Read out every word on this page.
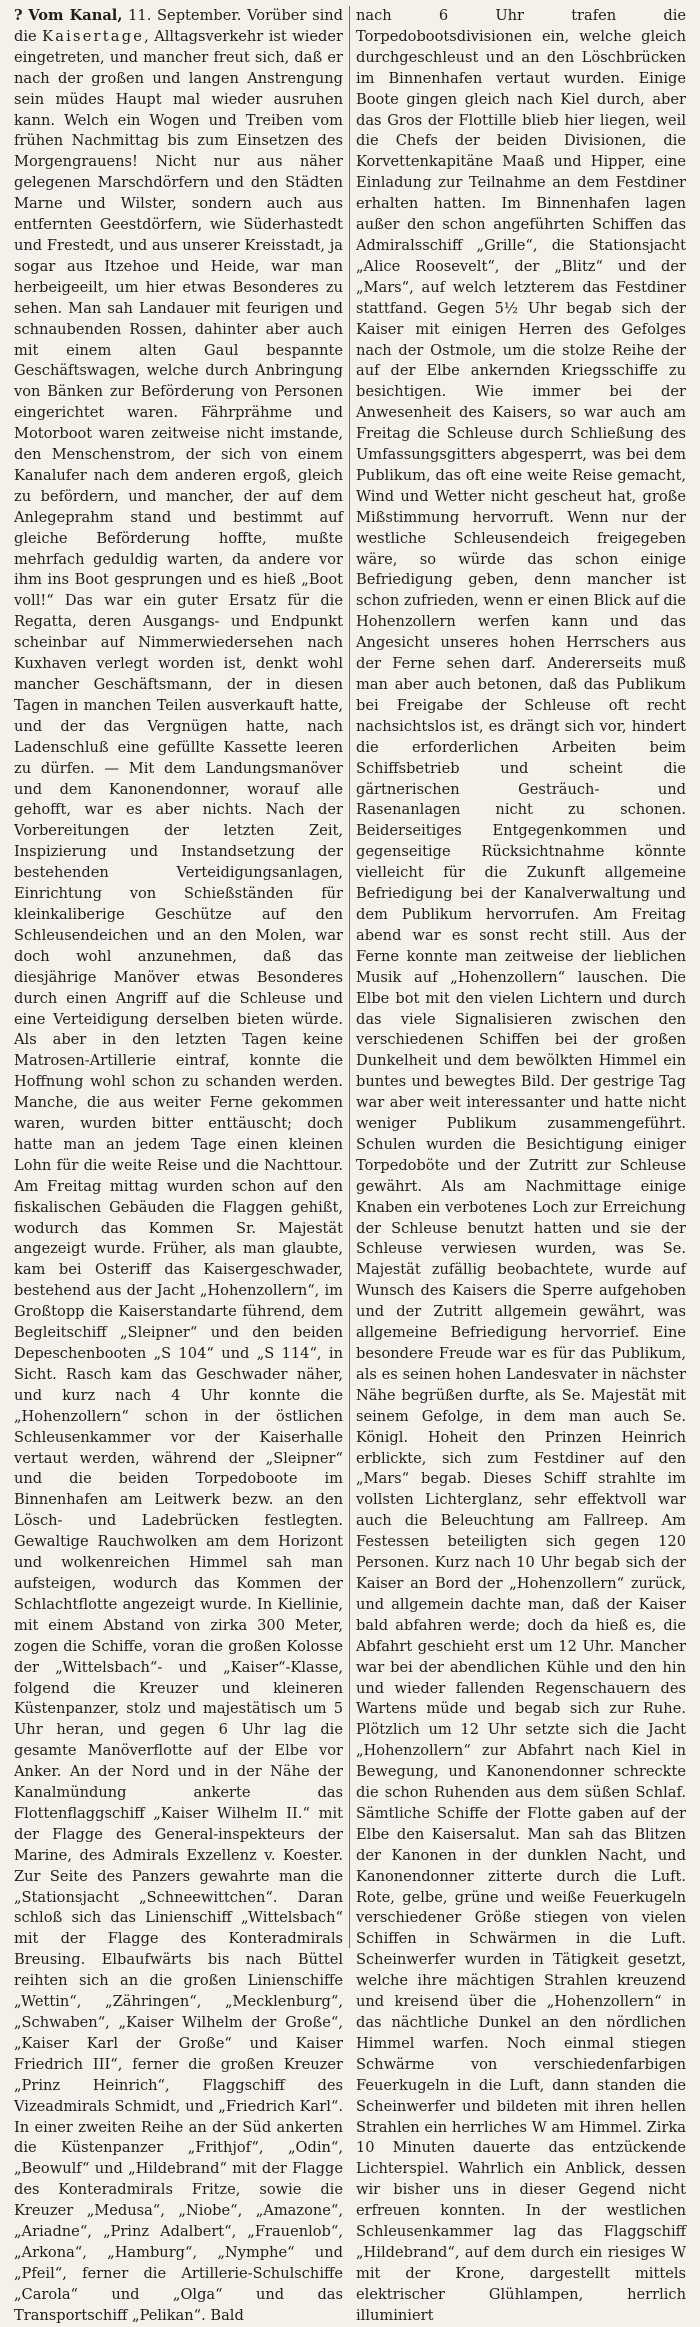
? Vom Kanal, 11. September. Vorüber sind die Kaisertage, Alltagsverkehr ist wieder eingetreten, und mancher freut sich, daß er nach der großen und langen Anstrengung sein müdes Haupt mal wieder ausruhen kann. Welch ein Wogen und Treiben vom frühen Nachmittag bis zum Einsetzen des Morgengrauens! Nicht nur aus näher gelegenen Marschdörfern und den Städten Marne und Wilster, sondern auch aus entfernten Geestdörfern, wie Süderhastedt und Frestedt, und aus unserer Kreisstadt, ja sogar aus Itzehoe und Heide, war man herbeigeeilt, um hier etwas Besonderes zu sehen. Man sah Landauer mit feurigen und schnaubenden Rossen, dahinter aber auch mit einem alten Gaul bespannte Geschäftswagen, welche durch Anbringung von Bänken zur Beförderung von Personen eingerichtet waren. Fährprähme und Motorboot waren zeitweise nicht imstande, den Menschenstrom, der sich von einem Kanalufer nach dem anderen ergoß, gleich zu befördern, und mancher, der auf dem Anlegeprahm stand und bestimmt auf gleiche Beförderung hoffte, mußte mehrfach geduldig warten, da andere vor ihm ins Boot gesprungen und es hieß „Boot voll!“ Das war ein guter Ersatz für die Regatta, deren Ausgangs- und Endpunkt scheinbar auf Nimmerwiedersehen nach Kuxhaven verlegt worden ist, denkt wohl mancher Geschäftsmann, der in diesen Tagen in manchen Teilen ausverkauft hatte, und der das Vergnügen hatte, nach Ladenschluß eine gefüllte Kassette leeren zu dürfen. — Mit dem Landungsmanöver und dem Kanonendonner, worauf alle gehofft, war es aber nichts. Nach der Vorbereitungen der letzten Zeit, Inspizierung und Instandsetzung der bestehenden Verteidigungsanlagen, Einrichtung von Schießständen für kleinkaliberige Geschütze auf den Schleusendeichen und an den Molen, war doch wohl anzunehmen, daß das diesjährige Manöver etwas Besonderes durch einen Angriff auf die Schleuse und eine Verteidigung derselben bieten würde. Als aber in den letzten Tagen keine Matrosen-Artillerie eintraf, konnte die Hoffnung wohl schon zu schanden werden. Manche, die aus weiter Ferne gekommen waren, wurden bitter enttäuscht; doch hatte man an jedem Tage einen kleinen Lohn für die weite Reise und die Nachttour. Am Freitag mittag wurden schon auf den fiskalischen Gebäuden die Flaggen gehißt, wodurch das Kommen Sr. Majestät angezeigt wurde. Früher, als man glaubte, kam bei Osteriff das Kaisergeschwader, bestehend aus der Jacht „Hohenzollern“, im Großtopp die Kaiserstandarte führend, dem Begleitschiff „Sleipner“ und den beiden Depeschenbooten „S 104“ und „S 114“, in Sicht. Rasch kam das Geschwader näher, und kurz nach 4 Uhr konnte die „Hohenzollern“ schon in der östlichen Schleusenkammer vor der Kaiserhalle vertaut werden, während der „Sleipner“ und die beiden Torpedoboote im Binnenhafen am Leitwerk bezw. an den Lösch- und Ladebrücken festlegten. Gewaltige Rauchwolken am dem Horizont und wolkenreichen Himmel sah man aufsteigen, wodurch das Kommen der Schlachtflotte angezeigt wurde. In Kiellinie, mit einem Abstand von zirka 300 Meter, zogen die Schiffe, voran die großen Kolosse der „Wittelsbach“- und „Kaiser“-Klasse, folgend die Kreuzer und kleineren Küstenpanzer, stolz und majestätisch um 5 Uhr heran, und gegen 6 Uhr lag die gesamte Manöverflotte auf der Elbe vor Anker. An der Nord und in der Nähe der Kanalmündung ankerte das Flottenflaggschiff „Kaiser Wilhelm II.“ mit der Flagge des General-inspekteurs der Marine, des Admirals Exzellenz v. Koester. Zur Seite des Panzers gewahrte man die „Stationsjacht „Schneewittchen“. Daran schloß sich das Linienschiff „Wittelsbach“ mit der Flagge des Konteradmirals Breusing. Elbaufwärts bis nach Büttel reihten sich an die großen Linienschiffe „Wettin“, „Zähringen“, „Mecklenburg“, „Schwaben“, „Kaiser Wilhelm der Große“, „Kaiser Karl der Große“ und Kaiser Friedrich III“, ferner die großen Kreuzer „Prinz Heinrich“, Flaggschiff des Vizeadmirals Schmidt, und „Friedrich Karl“. In einer zweiten Reihe an der Süd ankerten die Küstenpanzer „Frithjof“, „Odin“, „Beowulf“ und „Hildebrand“ mit der Flagge des Konteradmirals Fritze, sowie die Kreuzer „Medusa“, „Niobe“, „Amazone“, „Ariadne“, „Prinz Adalbert“, „Frauenlob“, „Arkona“, „Hamburg“, „Nymphe“ und „Pfeil“, ferner die Artillerie-Schulschiffe „Carola“ und „Olga“ und das Transportschiff „Pelikan“. Bald

nach 6 Uhr trafen die Torpedobootsdivisionen ein, welche gleich durchgeschleust und an den Löschbrücken im Binnenhafen vertaut wurden. Einige Boote gingen gleich nach Kiel durch, aber das Gros der Flottille blieb hier liegen, weil die Chefs der beiden Divisionen, die Korvettenkapitäne Maaß und Hipper, eine Einladung zur Teilnahme an dem Festdiner erhalten hatten. Im Binnenhafen lagen außer den schon angeführten Schiffen das Admiralsschiff „Grille“, die Stationsjacht „Alice Roosevelt“, der „Blitz“ und der „Mars“, auf welch letzterem das Festdiner stattfand. Gegen 5½ Uhr begab sich der Kaiser mit einigen Herren des Gefolges nach der Ostmole, um die stolze Reihe der auf der Elbe ankernden Kriegsschiffe zu besichtigen. Wie immer bei der Anwesenheit des Kaisers, so war auch am Freitag die Schleuse durch Schließung des Umfassungsgitters abgesperrt, was bei dem Publikum, das oft eine weite Reise gemacht, Wind und Wetter nicht gescheut hat, große Mißstimmung hervorruft. Wenn nur der westliche Schleusendeich freigegeben wäre, so würde das schon einige Befriedigung geben, denn mancher ist schon zufrieden, wenn er einen Blick auf die Hohenzollern werfen kann und das Angesicht unseres hohen Herrschers aus der Ferne sehen darf. Andererseits muß man aber auch betonen, daß das Publikum bei Freigabe der Schleuse oft recht nachsichtslos ist, es drängt sich vor, hindert die erforderlichen Arbeiten beim Schiffsbetrieb und scheint die gärtnerischen Gesträuch- und Rasenanlagen nicht zu schonen. Beiderseitiges Entgegenkommen und gegenseitige Rücksichtnahme könnte vielleicht für die Zukunft allgemeine Befriedigung bei der Kanalverwaltung und dem Publikum hervorrufen. Am Freitag abend war es sonst recht still. Aus der Ferne konnte man zeitweise der lieblichen Musik auf „Hohenzollern“ lauschen. Die Elbe bot mit den vielen Lichtern und durch das viele Signalisieren zwischen den verschiedenen Schiffen bei der großen Dunkelheit und dem bewölkten Himmel ein buntes und bewegtes Bild. Der gestrige Tag war aber weit interessanter und hatte nicht weniger Publikum zusammengeführt. Schulen wurden die Besichtigung einiger Torpedoböte und der Zutritt zur Schleuse gewährt. Als am Nachmittage einige Knaben ein verbotenes Loch zur Erreichung der Schleuse benutzt hatten und sie der Schleuse verwiesen wurden, was Se. Majestät zufällig beobachtete, wurde auf Wunsch des Kaisers die Sperre aufgehoben und der Zutritt allgemein gewährt, was allgemeine Befriedigung hervorrief. Eine besondere Freude war es für das Publikum, als es seinen hohen Landesvater in nächster Nähe begrüßen durfte, als Se. Majestät mit seinem Gefolge, in dem man auch Se. Königl. Hoheit den Prinzen Heinrich erblickte, sich zum Festdiner auf den „Mars“ begab. Dieses Schiff strahlte im vollsten Lichterglanz, sehr effektvoll war auch die Beleuchtung am Fallreep. Am Festessen beteiligten sich gegen 120 Personen. Kurz nach 10 Uhr begab sich der Kaiser an Bord der „Hohenzollern“ zurück, und allgemein dachte man, daß der Kaiser bald abfahren werde; doch da hieß es, die Abfahrt geschieht erst um 12 Uhr. Mancher war bei der abendlichen Kühle und den hin und wieder fallenden Regenschauern des Wartens müde und begab sich zur Ruhe. Plötzlich um 12 Uhr setzte sich die Jacht „Hohenzollern“ zur Abfahrt nach Kiel in Bewegung, und Kanonendonner schreckte die schon Ruhenden aus dem süßen Schlaf. Sämtliche Schiffe der Flotte gaben auf der Elbe den Kaisersalut. Man sah das Blitzen der Kanonen in der dunklen Nacht, und Kanonendonner zitterte durch die Luft. Rote, gelbe, grüne und weiße Feuerkugeln verschiedener Größe stiegen von vielen Schiffen in Schwärmen in die Luft. Scheinwerfer wurden in Tätigkeit gesetzt, welche ihre mächtigen Strahlen kreuzend und kreisend über die „Hohenzollern“ in das nächtliche Dunkel an den nördlichen Himmel warfen. Noch einmal stiegen Schwärme von verschiedenfarbigen Feuerkugeln in die Luft, dann standen die Scheinwerfer und bildeten mit ihren hellen Strahlen ein herrliches W am Himmel. Zirka 10 Minuten dauerte das entzückende Lichterspiel. Wahrlich ein Anblick, dessen wir bisher uns in dieser Gegend nicht erfreuen konnten. In der westlichen Schleusenkammer lag das Flaggschiff „Hildebrand“, auf dem durch ein riesiges W mit der Krone, dargestellt mittels elektrischer Glühlampen, herrlich illuminiert
